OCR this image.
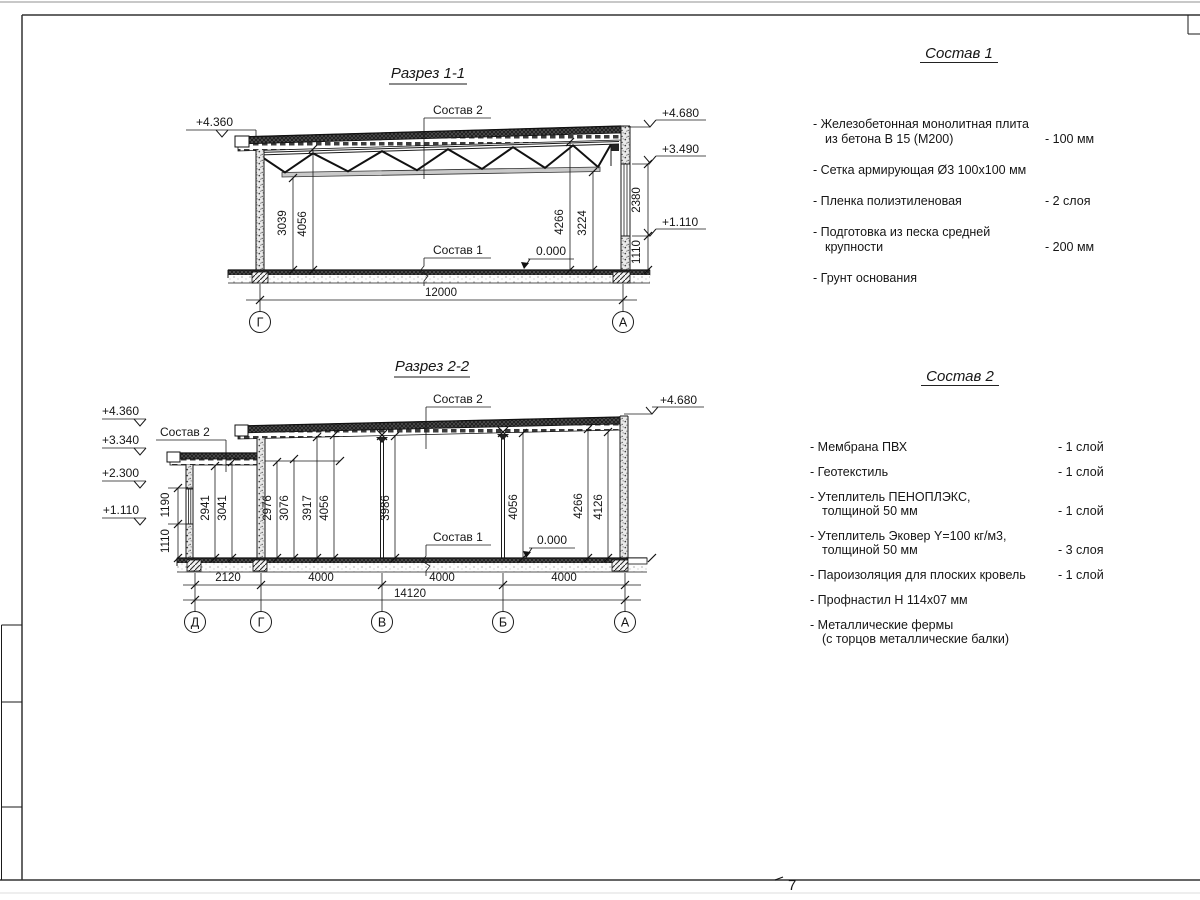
7
Разрез 1-1
Состав 2
Состав 1	0.000
+4.360
+4.680
+3.490
+1.110
2380
1110
3039 4056	4266 3224
12000
Г	А
Разрез 2-2
+4.360
+3.340
+2.300
+1.110
+4.680
Состав 2
Состав 2
Состав 1	0.000
1190
1110
2941 3041	2976 3076 3917 4056	3986	4056	4266 4126
2120	4000	4000	4000
14120
Д	Г	В	Б	А
Состав 1
- Железобетонная монолитная плита
из бетона В 15 (М200)	- 100 мм
- Сетка армирующая Ø3 100х100 мм
- Пленка полиэтиленовая	- 2 слоя
- Подготовка из песка средней
крупности	- 200 мм
- Грунт основания
Состав 2
- Мембрана ПВХ	- 1 слой
- Геотекстиль	- 1 слой
- Утеплитель ПЕНОПЛЭКС,
толщиной 50 мм	- 1 слой
- Утеплитель Эковер Y=100 кг/м3,
толщиной 50 мм	- 3 слоя
- Пароизоляция для плоских кровель	- 1 слой
- Профнастил Н 114х07 мм
- Металлические фермы
(с торцов металлические балки)
